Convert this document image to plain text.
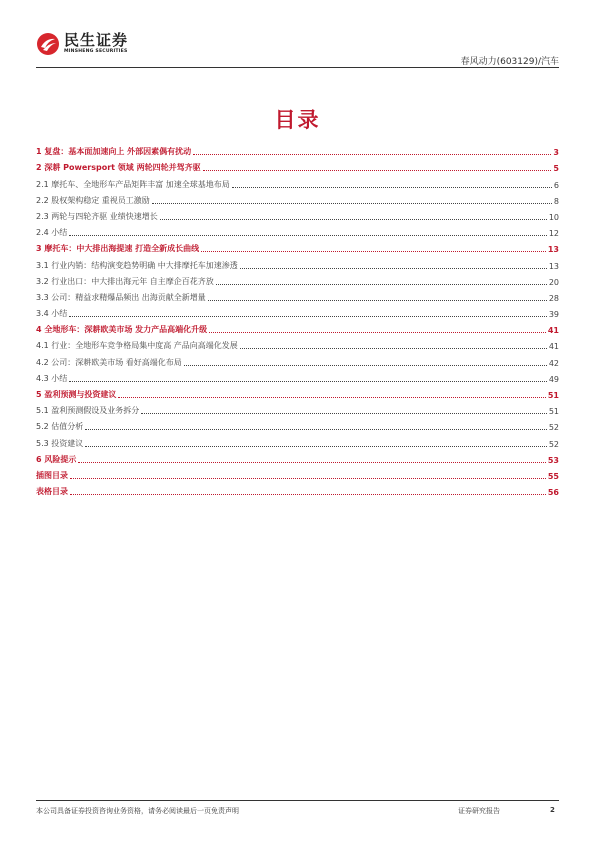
民生证券
MINSHENG SECURITIES
春风动力(603129)/汽车
目录
1 复盘：基本面加速向上 外部因素偶有扰动	3
2 深耕 Powersport 领域 两轮四轮并驾齐驱	5
2.1 摩托车、全地形车产品矩阵丰富 加速全球基地布局	6
2.2 股权架构稳定 重视员工激励	8
2.3 两轮与四轮齐驱 业绩快速增长	10
2.4 小结	12
3 摩托车：中大排出海提速 打造全新成长曲线	13
3.1 行业内销：结构演变趋势明确 中大排摩托车加速渗透	13
3.2 行业出口：中大排出海元年 自主摩企百花齐放	20
3.3 公司：精益求精爆品频出 出海贡献全新增量	28
3.4 小结	39
4 全地形车：深耕欧美市场 发力产品高端化升级	41
4.1 行业：全地形车竞争格局集中度高 产品向高端化发展	41
4.2 公司：深耕欧美市场 看好高端化布局	42
4.3 小结	49
5 盈利预测与投资建议	51
5.1 盈利预测假设及业务拆分	51
5.2 估值分析	52
5.3 投资建议	52
6 风险提示	53
插图目录	55
表格目录	56
本公司具备证券投资咨询业务资格，请务必阅读最后一页免责声明	证券研究报告	2
